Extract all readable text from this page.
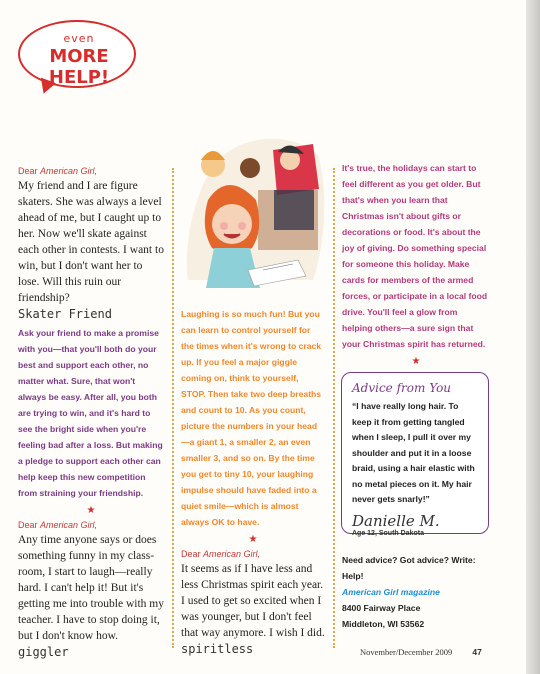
even
MORE HELP!
Dear American Girl,
My friend and I are figure skaters. She was always a level ahead of me, but I caught up to her. Now we'll skate against each other in contests. I want to win, but I don't want her to lose. Will this ruin our friendship?
Skater Friend
Ask your friend to make a promise with you—that you'll both do your best and support each other, no matter what. Sure, that won't always be easy. After all, you both are trying to win, and it's hard to see the bright side when you're feeling bad after a loss. But making a pledge to support each other can help keep this new competition from straining your friendship.
★
Dear American Girl,
Any time anyone says or does something funny in my class-room, I start to laugh—really hard. I can't help it! But it's getting me into trouble with my teacher. I have to stop doing it, but I don't know how.
giggler
Laughing is so much fun! But you can learn to control yourself for the times when it's wrong to crack up. If you feel a major giggle coming on, think to yourself, STOP. Then take two deep breaths and count to 10. As you count, picture the numbers in your head—a giant 1, a smaller 2, an even smaller 3, and so on. By the time you get to tiny 10, your laughing impulse should have faded into a quiet smile—which is almost always OK to have.
★
Dear American Girl,
It seems as if I have less and less Christmas spirit each year. I used to get so excited when I was younger, but I don't feel that way anymore. I wish I did.
spiritless
It's true, the holidays can start to feel different as you get older. But that's when you learn that Christmas isn't about gifts or decorations or food. It's about the joy of giving. Do something special for someone this holiday. Make cards for members of the armed forces, or participate in a local food drive. You'll feel a glow from helping others—a sure sign that your Christmas spirit has returned.
★
Advice from You
“I have really long hair. To keep it from getting tangled when I sleep, I pull it over my shoulder and put it in a loose braid, using a hair elastic with no metal pieces on it. My hair never gets snarly!”
Danielle M.
Age 12, South Dakota
Need advice? Got advice? Write:
Help!
American Girl magazine
8400 Fairway Place
Middleton, WI 53562
November/December 2009 47
